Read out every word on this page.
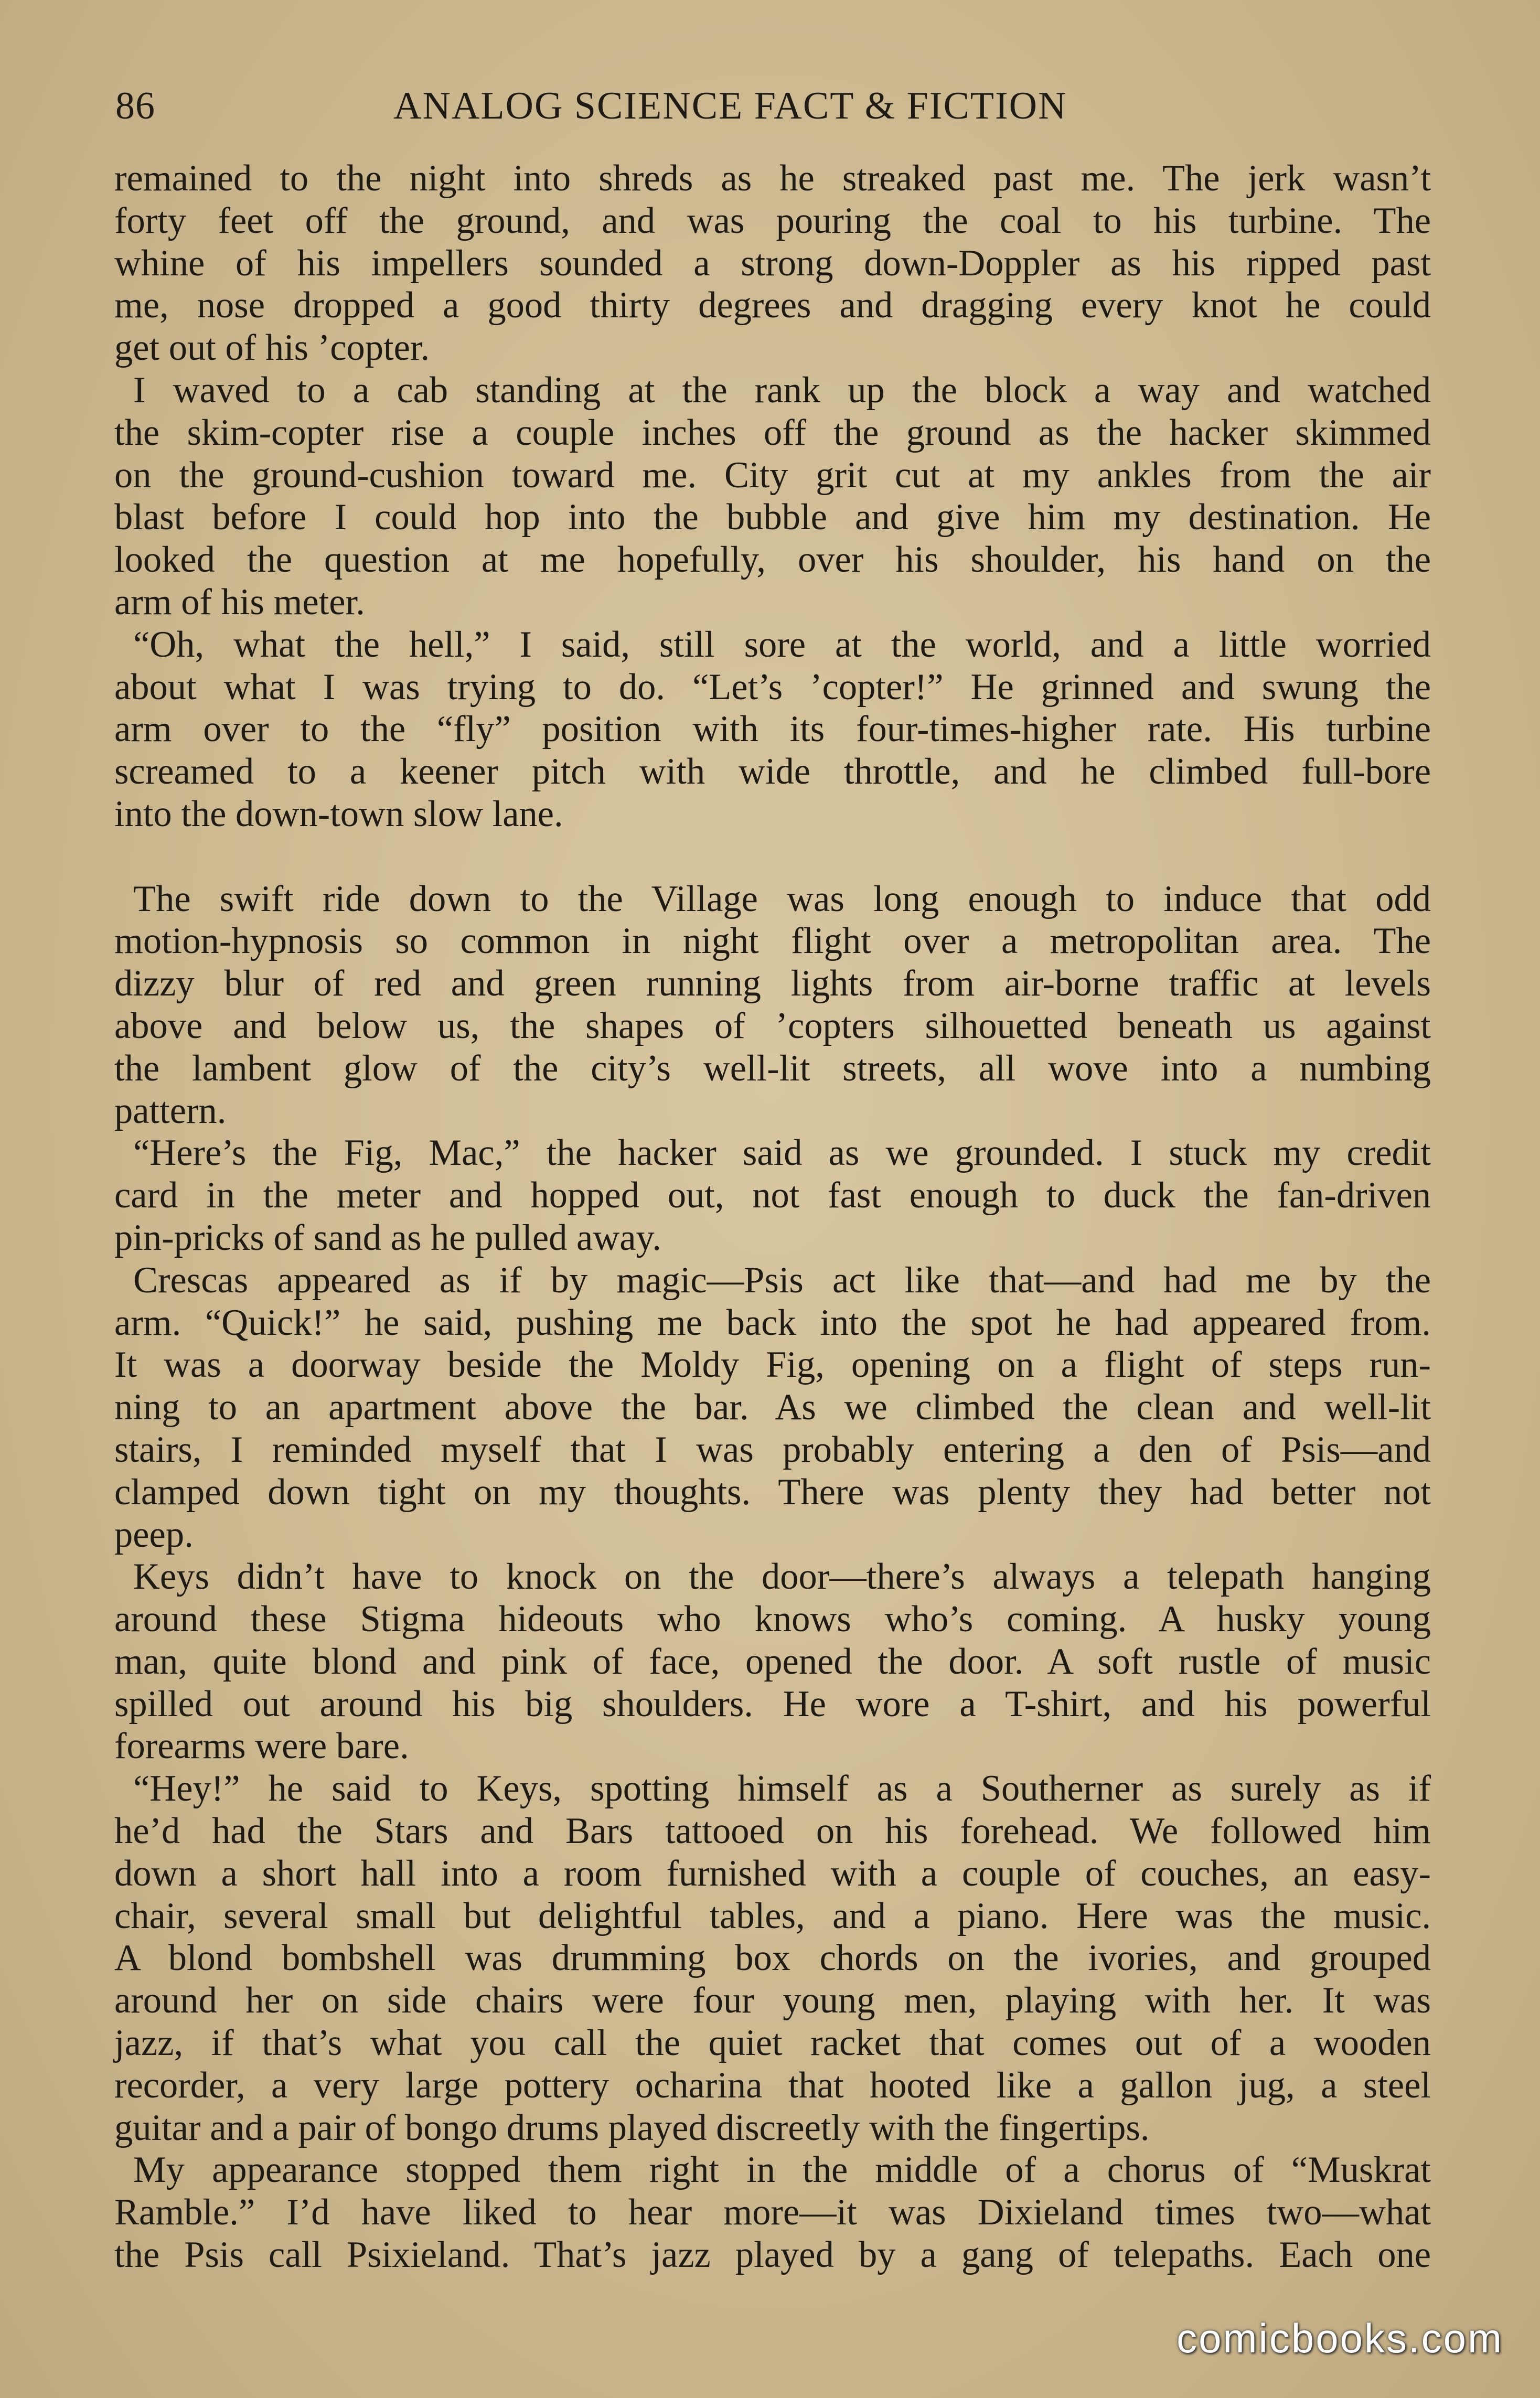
86	ANALOG SCIENCE FACT & FICTION
remained to the night into shreds as he streaked past me. The jerk wasn’t
forty feet off the ground, and was pouring the coal to his turbine. The
whine of his impellers sounded a strong down-Doppler as his ripped past
me, nose dropped a good thirty degrees and dragging every knot he could
get out of his ’copter.
I waved to a cab standing at the rank up the block a way and watched
the skim-copter rise a couple inches off the ground as the hacker skimmed
on the ground-cushion toward me. City grit cut at my ankles from the air
blast before I could hop into the bubble and give him my destination. He
looked the question at me hopefully, over his shoulder, his hand on the
arm of his meter.
“Oh, what the hell,” I said, still sore at the world, and a little worried
about what I was trying to do. “Let’s ’copter!” He grinned and swung the
arm over to the “fly” position with its four-times-higher rate. His turbine
screamed to a keener pitch with wide throttle, and he climbed full-bore
into the down-town slow lane.
The swift ride down to the Village was long enough to induce that odd
motion-hypnosis so common in night flight over a metropolitan area. The
dizzy blur of red and green running lights from air-borne traffic at levels
above and below us, the shapes of ’copters silhouetted beneath us against
the lambent glow of the city’s well-lit streets, all wove into a numbing
pattern.
“Here’s the Fig, Mac,” the hacker said as we grounded. I stuck my credit
card in the meter and hopped out, not fast enough to duck the fan-driven
pin-pricks of sand as he pulled away.
Crescas appeared as if by magic—Psis act like that—and had me by the
arm. “Quick!” he said, pushing me back into the spot he had appeared from.
It was a doorway beside the Moldy Fig, opening on a flight of steps run-
ning to an apartment above the bar. As we climbed the clean and well-lit
stairs, I reminded myself that I was probably entering a den of Psis—and
clamped down tight on my thoughts. There was plenty they had better not
peep.
Keys didn’t have to knock on the door—there’s always a telepath hanging
around these Stigma hideouts who knows who’s coming. A husky young
man, quite blond and pink of face, opened the door. A soft rustle of music
spilled out around his big shoulders. He wore a T-shirt, and his powerful
forearms were bare.
“Hey!” he said to Keys, spotting himself as a Southerner as surely as if
he’d had the Stars and Bars tattooed on his forehead. We followed him
down a short hall into a room furnished with a couple of couches, an easy-
chair, several small but delightful tables, and a piano. Here was the music.
A blond bombshell was drumming box chords on the ivories, and grouped
around her on side chairs were four young men, playing with her. It was
jazz, if that’s what you call the quiet racket that comes out of a wooden
recorder, a very large pottery ocharina that hooted like a gallon jug, a steel
guitar and a pair of bongo drums played discreetly with the fingertips.
My appearance stopped them right in the middle of a chorus of “Muskrat
Ramble.” I’d have liked to hear more—it was Dixieland times two—what
the Psis call Psixieland. That’s jazz played by a gang of telepaths. Each one
comicbooks.com
